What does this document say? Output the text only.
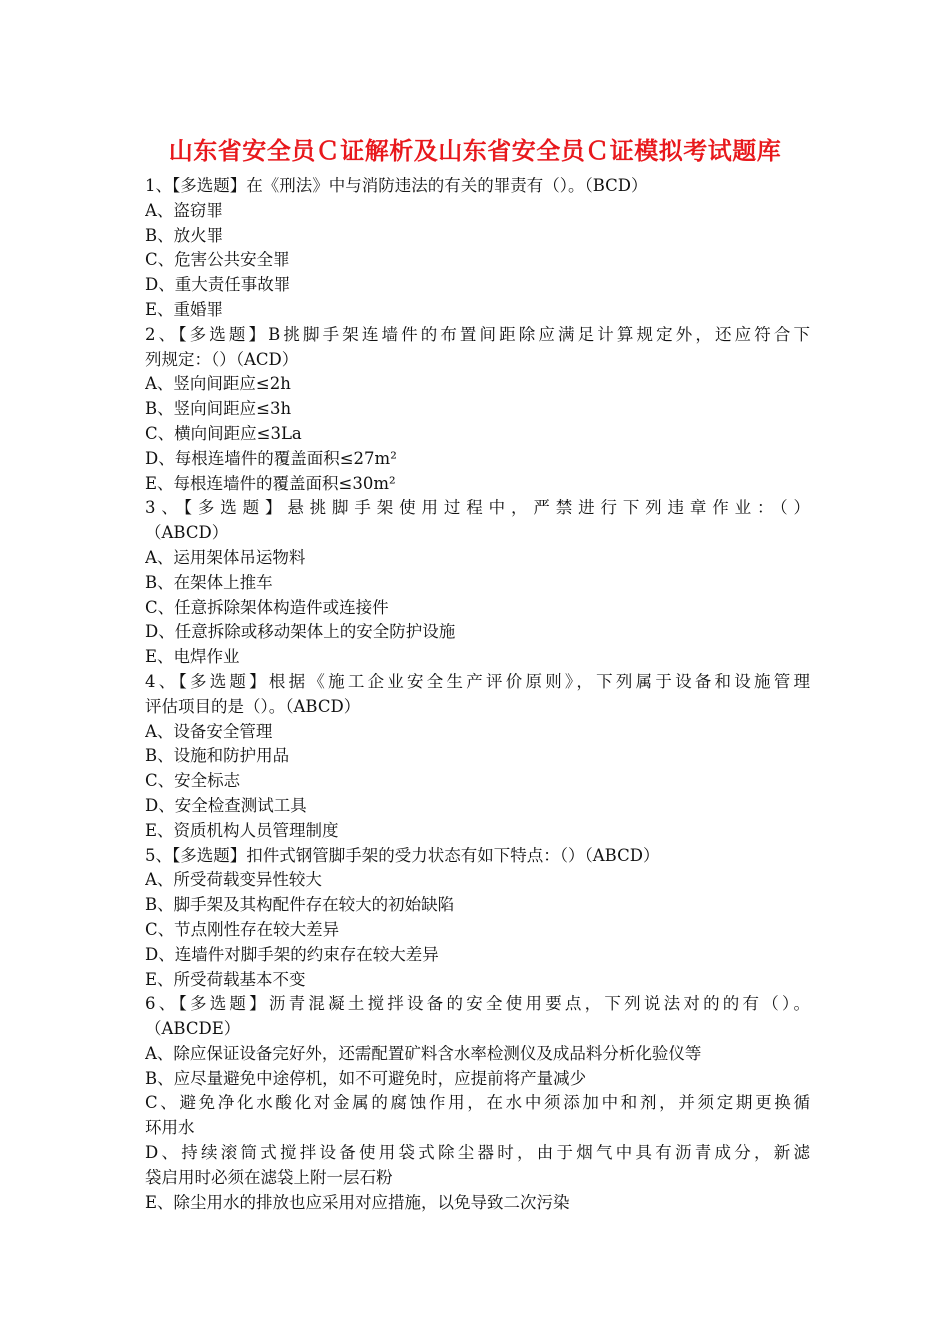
山东省安全员Ｃ证解析及山东省安全员Ｃ证模拟考试题库
1、【多选题】在《刑法》中与消防违法的有关的罪责有（）。（BCD）
A、盗窃罪
B、放火罪
C、危害公共安全罪
D、重大责任事故罪
E、重婚罪
2、【多选题】B挑脚手架连墙件的布置间距除应满足计算规定外，还应符合下
列规定：（）（ACD）
A、竖向间距应≤2h
B、竖向间距应≤3h
C、横向间距应≤3La
D、每根连墙件的覆盖面积≤27m²
E、每根连墙件的覆盖面积≤30m²
3、【多选题】悬挑脚手架使用过程中，严禁进行下列违章作业：（）
（ABCD）
A、运用架体吊运物料
B、在架体上推车
C、任意拆除架体构造件或连接件
D、任意拆除或移动架体上的安全防护设施
E、电焊作业
4、【多选题】根据《施工企业安全生产评价原则》，下列属于设备和设施管理
评估项目的是（）。（ABCD）
A、设备安全管理
B、设施和防护用品
C、安全标志
D、安全检查测试工具
E、资质机构人员管理制度
5、【多选题】扣件式钢管脚手架的受力状态有如下特点：（）（ABCD）
A、所受荷载变异性较大
B、脚手架及其构配件存在较大的初始缺陷
C、节点刚性存在较大差异
D、连墙件对脚手架的约束存在较大差异
E、所受荷载基本不变
6、【多选题】沥青混凝土搅拌设备的安全使用要点，下列说法对的的有（）。
（ABCDE）
A、除应保证设备完好外，还需配置矿料含水率检测仪及成品料分析化验仪等
B、应尽量避免中途停机，如不可避免时，应提前将产量减少
C、避免净化水酸化对金属的腐蚀作用，在水中须添加中和剂，并须定期更换循
环用水
D、持续滚筒式搅拌设备使用袋式除尘器时，由于烟气中具有沥青成分，新滤
袋启用时必须在滤袋上附一层石粉
E、除尘用水的排放也应采用对应措施，以免导致二次污染
